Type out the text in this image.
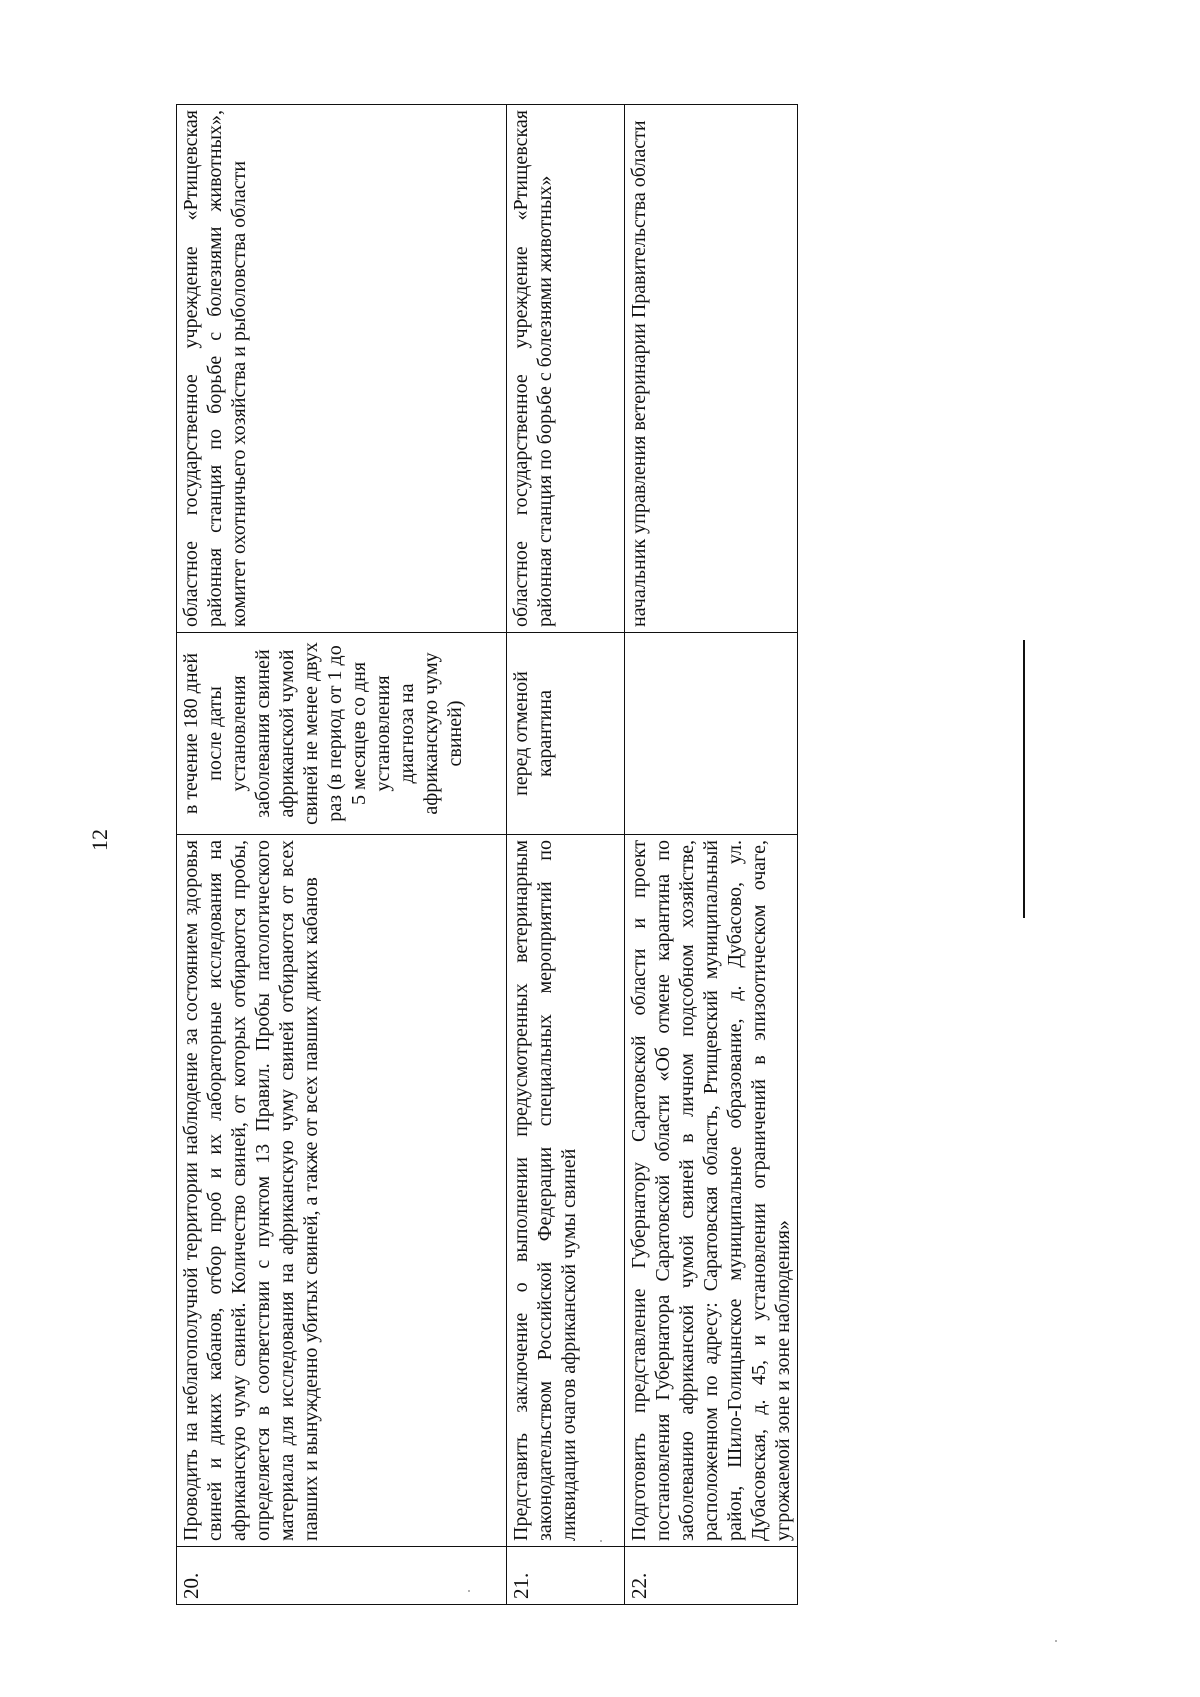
12
20.	Проводить на неблагополучной территории наблюдение за состоянием здоровья свиней и диких кабанов, отбор проб и их лабораторные исследования на африканскую чуму свиней. Количество свиней, от которых отбираются пробы, определяется в соответствии с пунктом 13 Правил. Пробы патологического материала для исследования на африканскую чуму свиней отбираются от всех павших и вынужденно убитых свиней, а также от всех павших диких кабанов	в течение 180 дней после даты установления заболевания свиней африканской чумой свиней не менее двух раз (в период от 1 до 5 месяцев со дня установления диагноза на африканскую чуму свиней)	областное государственное учреждение «Ртищевская районная станция по борьбе с болезнями животных», комитет охотничьего хозяйства и рыболовства области
21.	Представить заключение о выполнении предусмотренных ветеринарным законодательством Российской Федерации специальных мероприятий по ликвидации очагов африканской чумы свиней	перед отменой карантина	областное государственное учреждение «Ртищевская районная станция по борьбе с болезнями животных»
22.	Подготовить представление Губернатору Саратовской области и проект постановления Губернатора Саратовской области «Об отмене карантина по заболеванию африканской чумой свиней в личном подсобном хозяйстве, расположенном по адресу: Саратовская область, Ртищевский муниципальный район, Шило-Голицынское муниципальное образование, д. Дубасово, ул. Дубасовская, д. 45, и установлении ограничений в эпизоотическом очаге, угрожаемой зоне и зоне наблюдения»		начальник управления ветеринарии Правительства области
